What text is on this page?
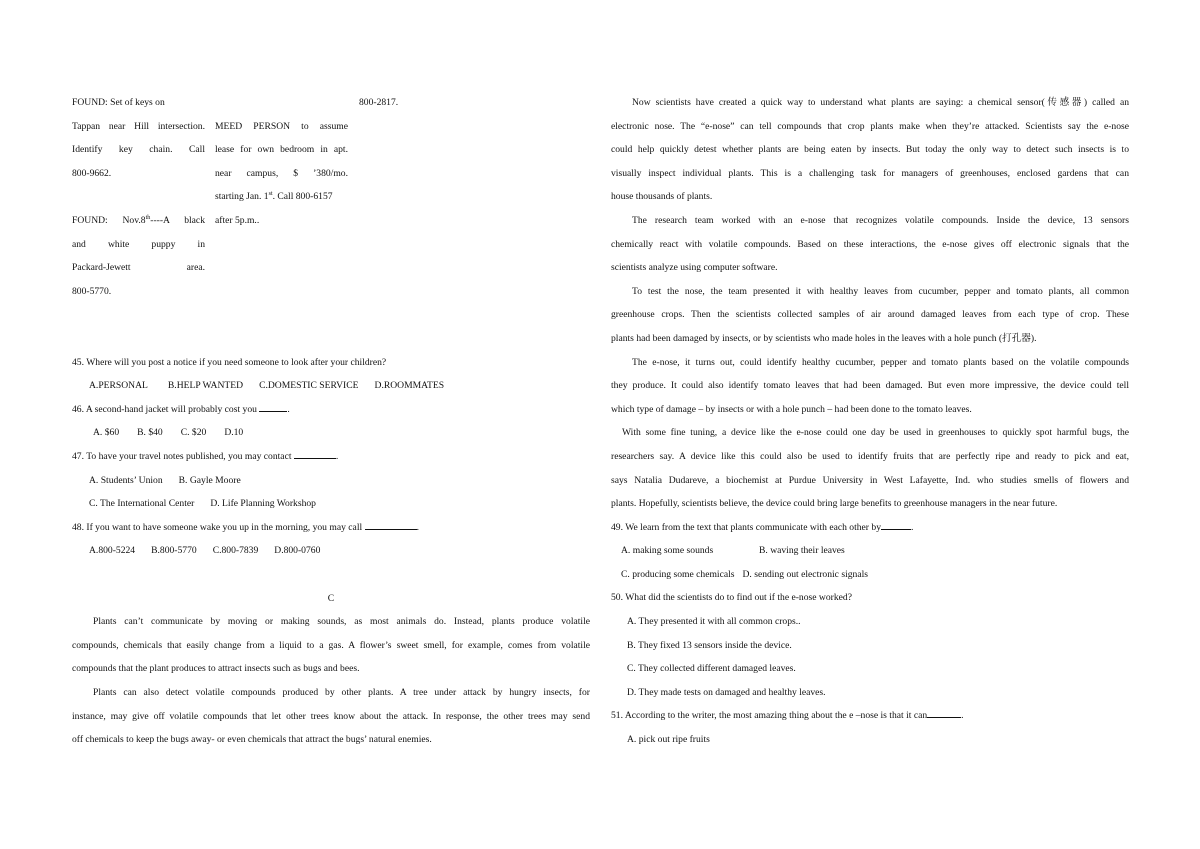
FOUND: Set of keys on
Tappan near Hill intersection.
Identify key chain. Call
800-9662.
FOUND: Nov.8th----A black
and white puppy in
Packard-Jewett area.
800-5770.
MEED PERSON to assume
lease for own bedroom in apt.
near campus, $ ’380/mo.
starting Jan. 1st. Call 800-6157
after 5p.m..
800-2817.
45. Where will you post a notice if you need someone to look after your children?
A.PERSONAL B.HELP WANTED C.DOMESTIC SERVICE D.ROOMMATES
46. A second-hand jacket will probably cost you	.
A. $60 B. $40 C. $20 D.10
47. To have your travel notes published, you may contact	.
A. Students’ Union B. Gayle Moore
C. The International Center D. Life Planning Workshop
48. If you want to have someone wake you up in the morning, you may call	.
A.800-5224 B.800-5770 C.800-7839 D.800-0760
C
Plants can’t communicate by moving or making sounds, as most animals do. Instead, plants produce volatile
compounds, chemicals that easily change from a liquid to a gas. A flower’s sweet smell, for example, comes from volatile
compounds that the plant produces to attract insects such as bugs and bees.
Plants can also detect volatile compounds produced by other plants. A tree under attack by hungry insects, for
instance, may give off volatile compounds that let other trees know about the attack. In response, the other trees may send
off chemicals to keep the bugs away- or even chemicals that attract the bugs’ natural enemies.
Now scientists have created a quick way to understand what plants are saying: a chemical sensor(传感器) called an
electronic nose. The “e-nose” can tell compounds that crop plants make when they’re attacked. Scientists say the e-nose
could help quickly detest whether plants are being eaten by insects. But today the only way to detect such insects is to
visually inspect individual plants. This is a challenging task for managers of greenhouses, enclosed gardens that can
house thousands of plants.
The research team worked with an e-nose that recognizes volatile compounds. Inside the device, 13 sensors
chemically react with volatile compounds. Based on these interactions, the e-nose gives off electronic signals that the
scientists analyze using computer software.
To test the nose, the team presented it with healthy leaves from cucumber, pepper and tomato plants, all common
greenhouse crops. Then the scientists collected samples of air around damaged leaves from each type of crop. These
plants had been damaged by insects, or by scientists who made holes in the leaves with a hole punch (打孔器).
The e-nose, it turns out, could identify healthy cucumber, pepper and tomato plants based on the volatile compounds
they produce. It could also identify tomato leaves that had been damaged. But even more impressive, the device could tell
which type of damage – by insects or with a hole punch – had been done to the tomato leaves.
With some fine tuning, a device like the e-nose could one day be used in greenhouses to quickly spot harmful bugs, the
researchers say. A device like this could also be used to identify fruits that are perfectly ripe and ready to pick and eat,
says Natalia Dudareve, a biochemist at Purdue University in West Lafayette, Ind. who studies smells of flowers and
plants. Hopefully, scientists believe, the device could bring large benefits to greenhouse managers in the near future.
49. We learn from the text that plants communicate with each other by	.
A. making some sounds	B. waving their leaves
C. producing some chemicals D. sending out electronic signals
50. What did the scientists do to find out if the e-nose worked?
A. They presented it with all common crops..
B. They fixed 13 sensors inside the device.
C. They collected different damaged leaves.
D. They made tests on damaged and healthy leaves.
51. According to the writer, the most amazing thing about the e –nose is that it can	.
A. pick out ripe fruits
